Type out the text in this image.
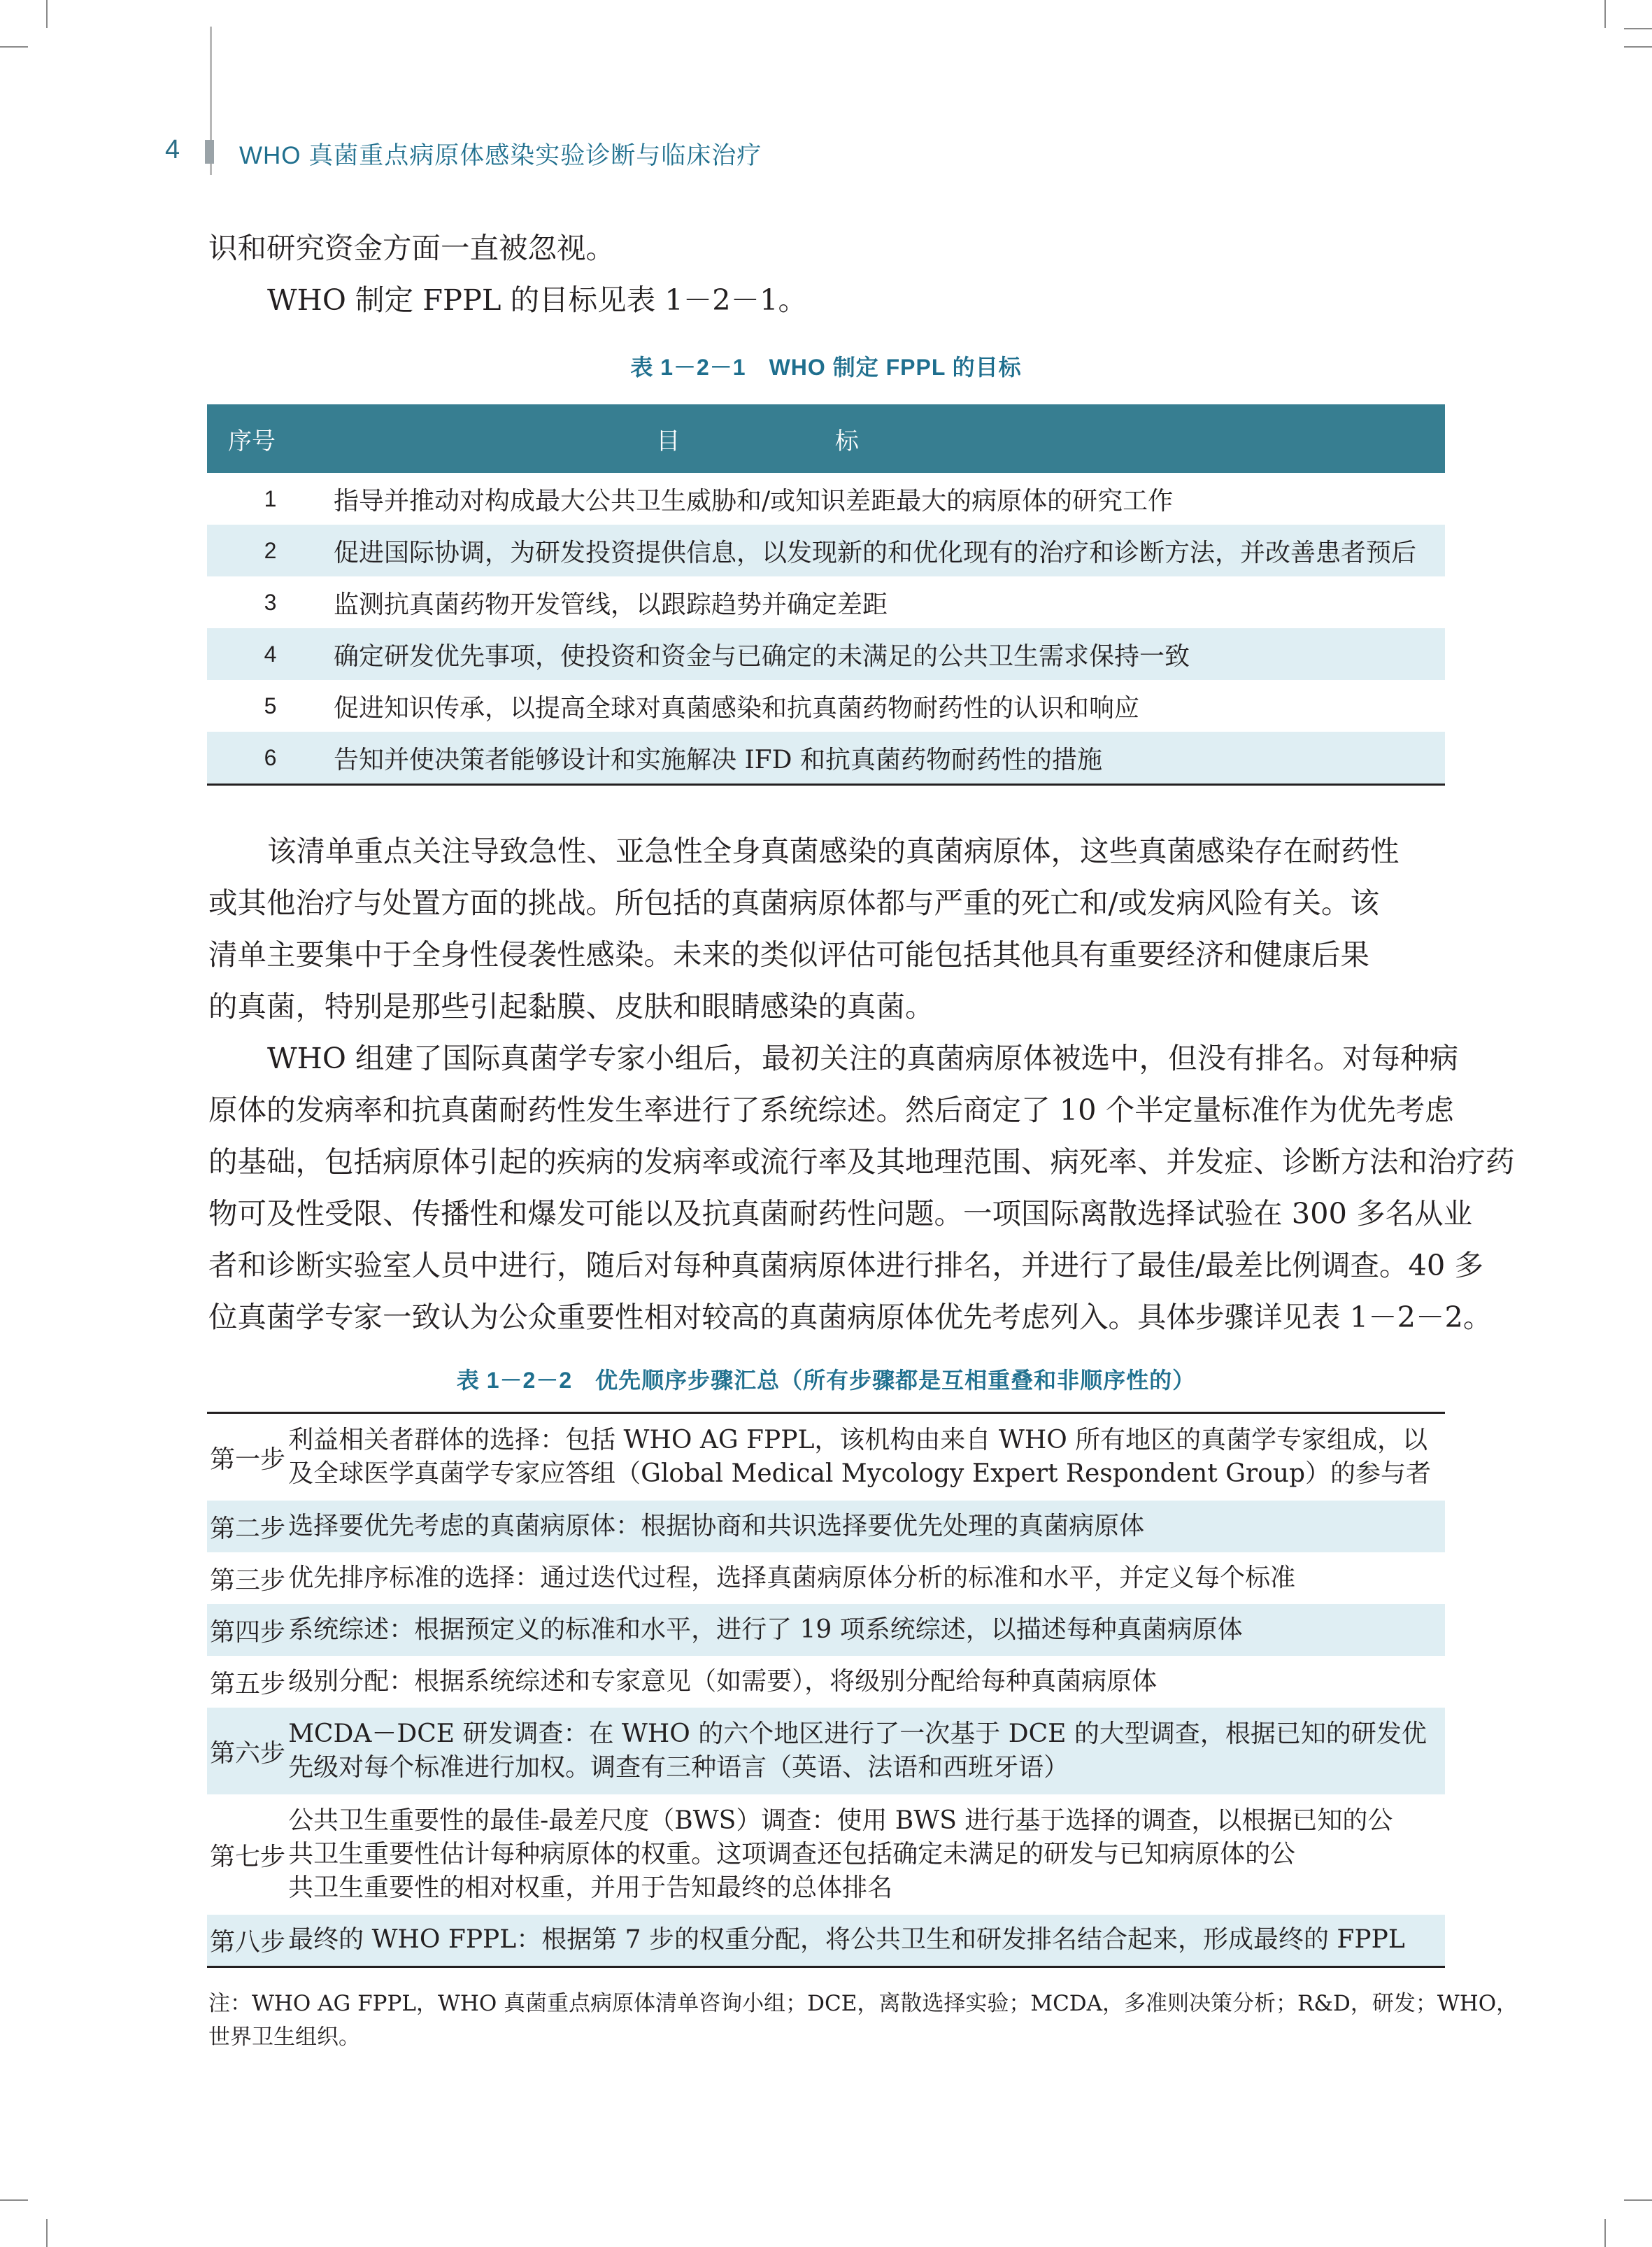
4 WHO 真菌重点病原体感染实验诊断与临床治疗
识和研究资金方面一直被忽视。
WHO 制定 FPPL 的目标见表 1－2－1。
表 1－2－1　WHO 制定 FPPL 的目标
序号	目 标
1	指导并推动对构成最大公共卫生威胁和/或知识差距最大的病原体的研究工作
2	促进国际协调，为研发投资提供信息，以发现新的和优化现有的治疗和诊断方法，并改善患者预后
3	监测抗真菌药物开发管线，以跟踪趋势并确定差距
4	确定研发优先事项，使投资和资金与已确定的未满足的公共卫生需求保持一致
5	促进知识传承，以提高全球对真菌感染和抗真菌药物耐药性的认识和响应
6	告知并使决策者能够设计和实施解决 IFD 和抗真菌药物耐药性的措施
该清单重点关注导致急性、亚急性全身真菌感染的真菌病原体，这些真菌感染存在耐药性
或其他治疗与处置方面的挑战。所包括的真菌病原体都与严重的死亡和/或发病风险有关。该
清单主要集中于全身性侵袭性感染。未来的类似评估可能包括其他具有重要经济和健康后果
的真菌，特别是那些引起黏膜、皮肤和眼睛感染的真菌。
WHO 组建了国际真菌学专家小组后，最初关注的真菌病原体被选中，但没有排名。对每种病
原体的发病率和抗真菌耐药性发生率进行了系统综述。然后商定了 10 个半定量标准作为优先考虑
的基础，包括病原体引起的疾病的发病率或流行率及其地理范围、病死率、并发症、诊断方法和治疗药
物可及性受限、传播性和爆发可能以及抗真菌耐药性问题。一项国际离散选择试验在 300 多名从业
者和诊断实验室人员中进行，随后对每种真菌病原体进行排名，并进行了最佳/最差比例调查。40 多
位真菌学专家一致认为公众重要性相对较高的真菌病原体优先考虑列入。具体步骤详见表 1－2－2。
表 1－2－2　优先顺序步骤汇总（所有步骤都是互相重叠和非顺序性的）
第一步	利益相关者群体的选择：包括 WHO AG FPPL，该机构由来自 WHO 所有地区的真菌学专家组成，以
及全球医学真菌学专家应答组（Global Medical Mycology Expert Respondent Group）的参与者

第二步	选择要优先考虑的真菌病原体：根据协商和共识选择要优先处理的真菌病原体

第三步	优先排序标准的选择：通过迭代过程，选择真菌病原体分析的标准和水平，并定义每个标准

第四步	系统综述：根据预定义的标准和水平，进行了 19 项系统综述，以描述每种真菌病原体

第五步	级别分配：根据系统综述和专家意见（如需要），将级别分配给每种真菌病原体

第六步	MCDA－DCE 研发调查：在 WHO 的六个地区进行了一次基于 DCE 的大型调查，根据已知的研发优
先级对每个标准进行加权。调查有三种语言（英语、法语和西班牙语）

第七步	公共卫生重要性的最佳-最差尺度（BWS）调查：使用 BWS 进行基于选择的调查，以根据已知的公
共卫生重要性估计每种病原体的权重。这项调查还包括确定未满足的研发与已知病原体的公
共卫生重要性的相对权重，并用于告知最终的总体排名

第八步	最终的 WHO FPPL：根据第 7 步的权重分配，将公共卫生和研发排名结合起来，形成最终的 FPPL
注：WHO AG FPPL，WHO 真菌重点病原体清单咨询小组；DCE，离散选择实验；MCDA，多准则决策分析；R&D，研发；WHO，
世界卫生组织。
